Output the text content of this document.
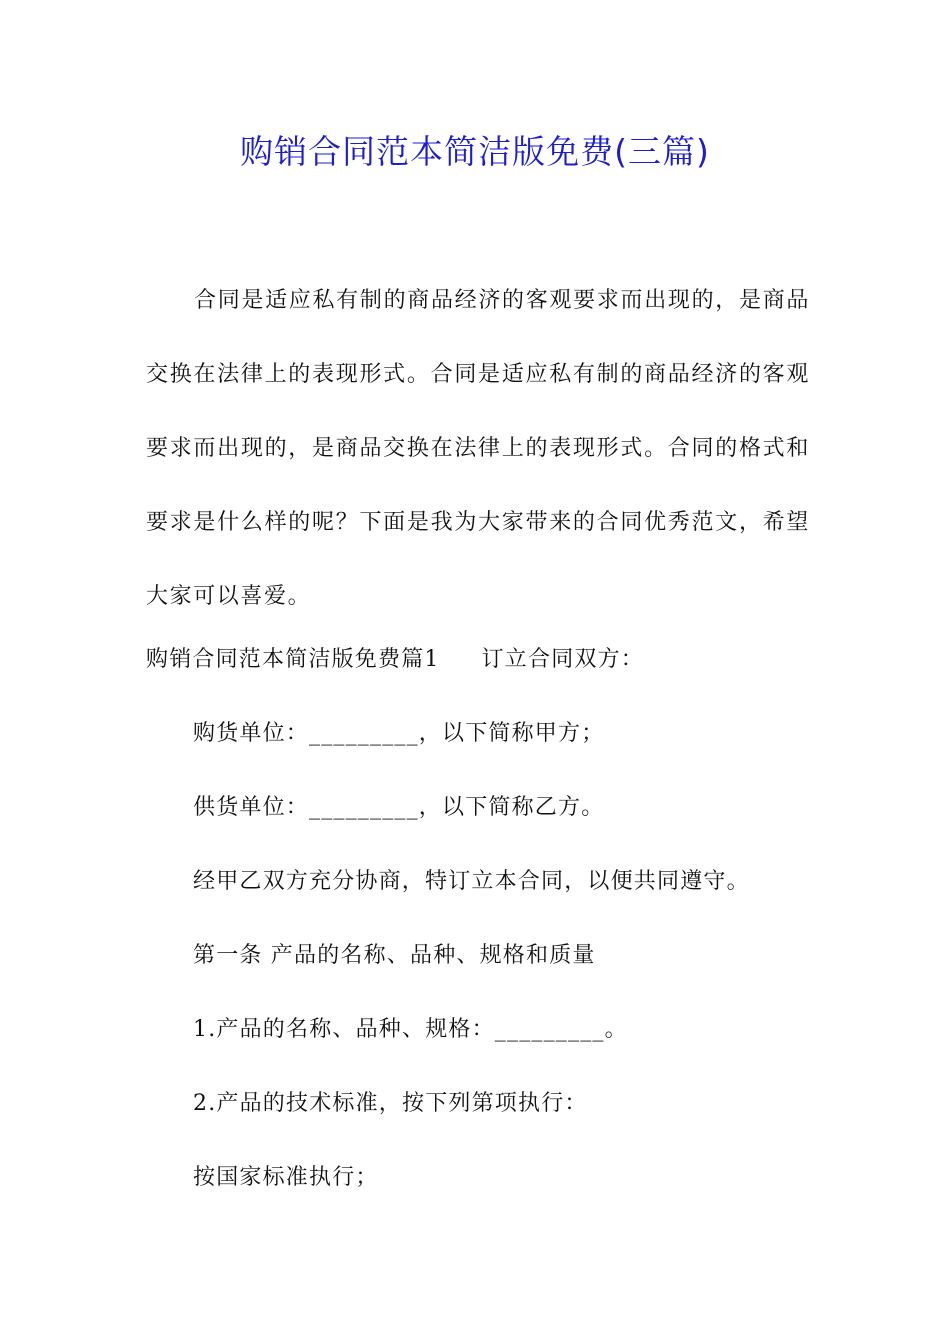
购销合同范本简洁版免费(三篇)

合同是适应私有制的商品经济的客观要求而出现的，是商品交换在法律上的表现形式。合同是适应私有制的商品经济的客观要求而出现的，是商品交换在法律上的表现形式。合同的格式和要求是什么样的呢？下面是我为大家带来的合同优秀范文，希望大家可以喜爱。

购销合同范本简洁版免费篇1 订立合同双方：

购货单位：_________，以下简称甲方；

供货单位：_________，以下简称乙方。

经甲乙双方充分协商，特订立本合同，以便共同遵守。

第一条 产品的名称、品种、规格和质量

1.产品的名称、品种、规格：_________。

2.产品的技术标准，按下列第项执行：

按国家标准执行；
